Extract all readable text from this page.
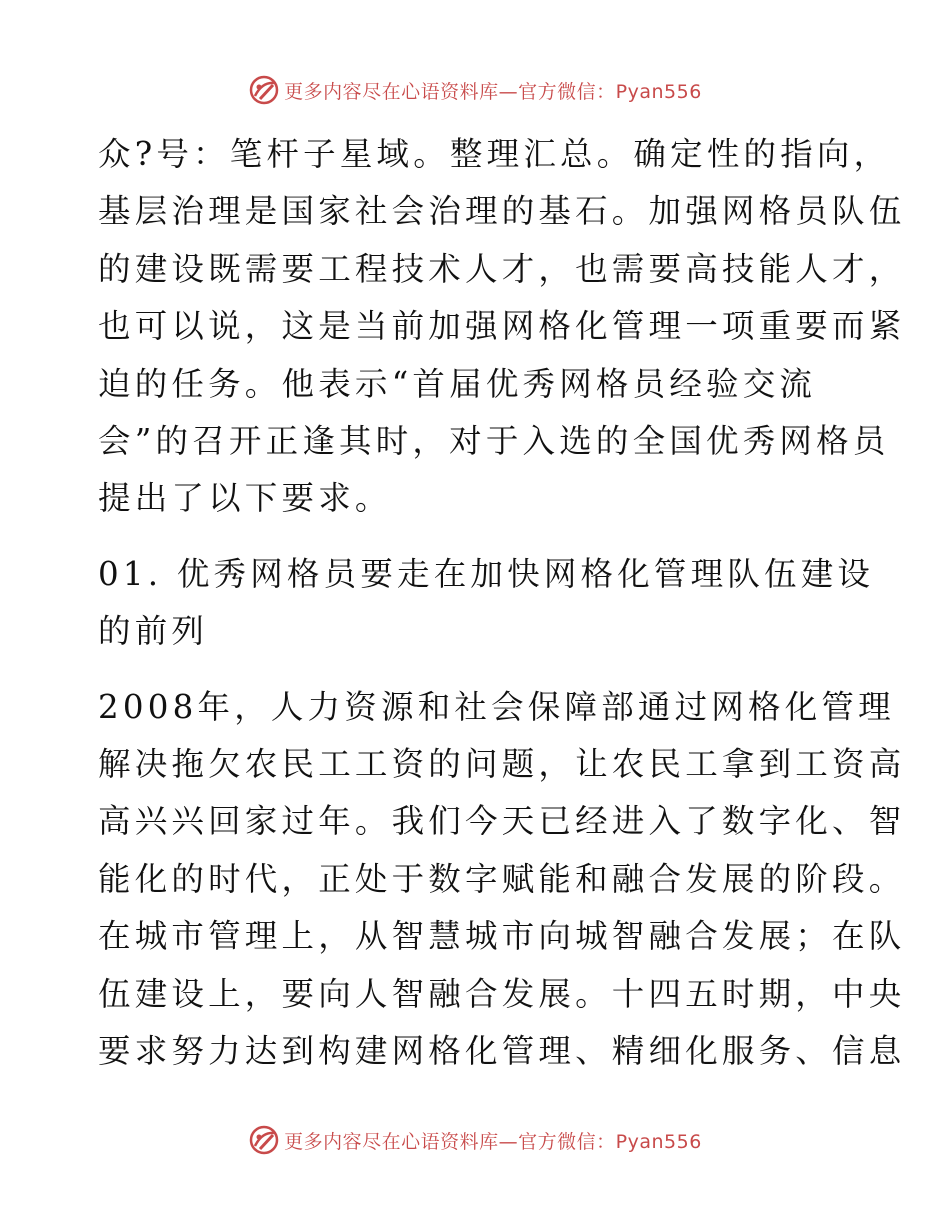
更多内容尽在心语资料库—官方微信：Pyan556

众?号：笔杆子星域。整理汇总。确定性的指向，
基层治理是国家社会治理的基石。加强网格员队伍
的建设既需要工程技术人才，也需要高技能人才，
也可以说，这是当前加强网格化管理一项重要而紧
迫的任务。他表示“首届优秀网格员经验交流
会”的召开正逢其时，对于入选的全国优秀网格员
提出了以下要求。

01. 优秀网格员要走在加快网格化管理队伍建设
的前列

2008年，人力资源和社会保障部通过网格化管理
解决拖欠农民工工资的问题，让农民工拿到工资高
高兴兴回家过年。我们今天已经进入了数字化、智
能化的时代，正处于数字赋能和融合发展的阶段。
在城市管理上，从智慧城市向城智融合发展；在队
伍建设上，要向人智融合发展。十四五时期，中央
要求努力达到构建网格化管理、精细化服务、信息

更多内容尽在心语资料库—官方微信：Pyan556
